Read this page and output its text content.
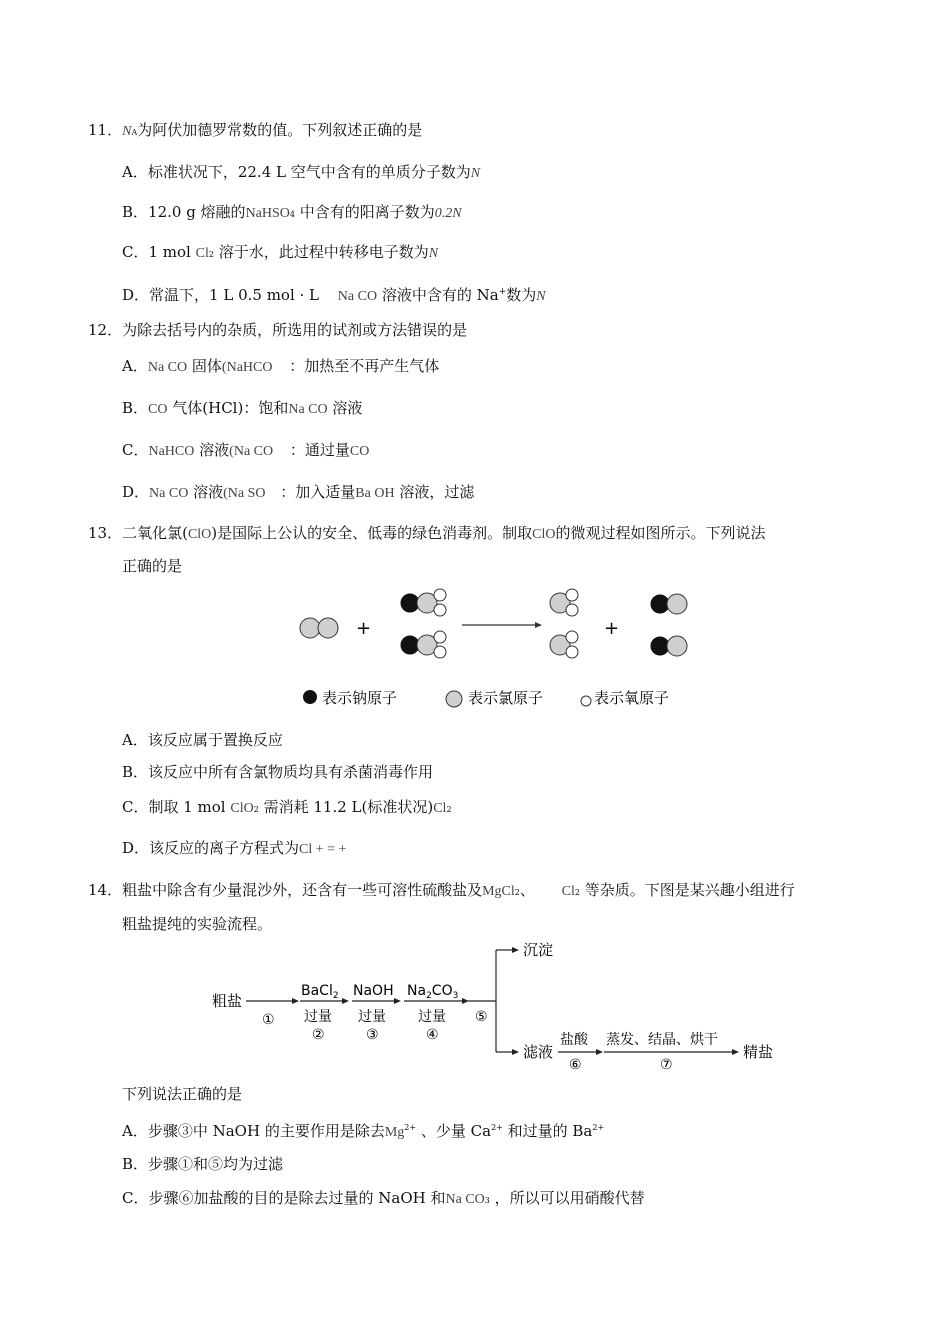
11．NA为阿伏加德罗常数的值。下列叙述正确的是
A．标准状况下，22.4 L 空气中含有的单质分子数为N
B．12.0 g 熔融的NaHSO4 中含有的阳离子数为0.2N
C．1 mol Cl2 溶于水，此过程中转移电子数为N
D．常温下，1 L 0.5 mol · L Na CO 溶液中含有的 Na+数为N
12．为除去括号内的杂质，所选用的试剂或方法错误的是
A．Na CO 固体(NaHCO ：加热至不再产生气体
B．CO 气体(HCl)：饱和Na CO 溶液
C．NaHCO 溶液(Na CO ：通过量CO
D．Na CO 溶液(Na SO ：加入适量Ba OH 溶液，过滤
13．二氧化氯(ClO)是国际上公认的安全、低毒的绿色消毒剂。制取ClO的微观过程如图所示。下列说法
正确的是
+	+
表示钠原子	表示氯原子	表示氧原子
A．该反应属于置换反应
B．该反应中所有含氯物质均具有杀菌消毒作用
C．制取 1 mol ClO2 需消耗 11.2 L(标准状况)Cl2
D．该反应的离子方程式为Cl + = +
14．粗盐中除含有少量混沙外，还含有一些可溶性硫酸盐及MgCl2、 Cl2 等杂质。下图是某兴趣小组进行
粗盐提纯的实验流程。
粗盐
①
BaCl$_2$
过量
②
NaOH
过量
③
$Na_2CO_3$
过量
④
⑤
沉淀
滤液
盐酸
⑥
蒸发、结晶、烘干
⑦
精盐
下列说法正确的是
A．步骤③中 NaOH 的主要作用是除去$Mg^{2+}$ 、少量 $Ca^{2+}$ 和过量的 $Ba^{2+}$
B．步骤①和⑤均为过滤
C．步骤⑥加盐酸的目的是除去过量的 NaOH 和Na CO3 ，所以可以用硝酸代替
